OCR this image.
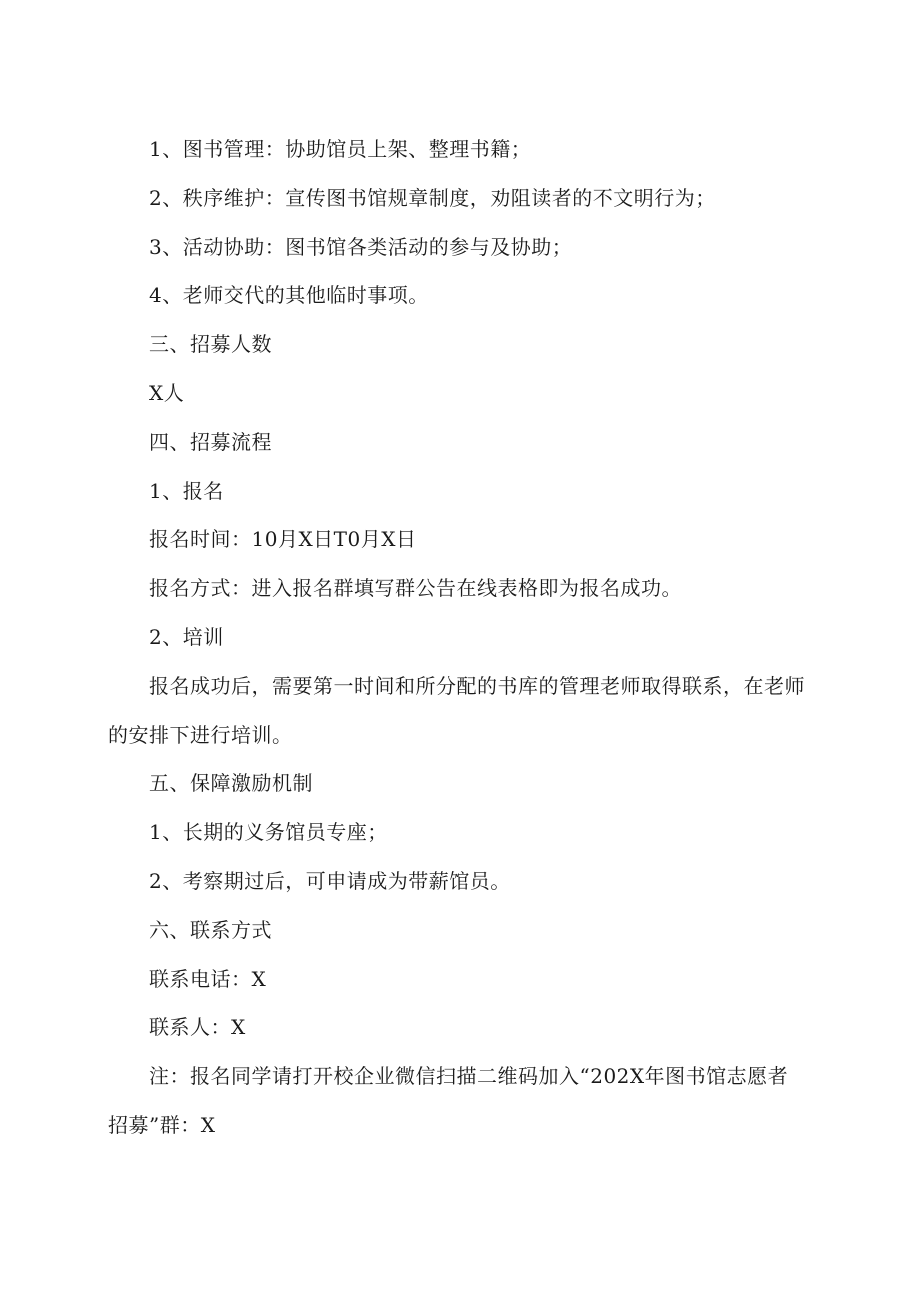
1、图书管理：协助馆员上架、整理书籍；

2、秩序维护：宣传图书馆规章制度，劝阻读者的不文明行为；

3、活动协助：图书馆各类活动的参与及协助；

4、老师交代的其他临时事项。

三、招募人数

X人

四、招募流程

1、报名

报名时间：10月X日T0月X日

报名方式：进入报名群填写群公告在线表格即为报名成功。

2、培训

报名成功后，需要第一时间和所分配的书库的管理老师取得联系，在老师的安排下进行培训。

五、保障激励机制

1、长期的义务馆员专座；

2、考察期过后，可申请成为带薪馆员。

六、联系方式

联系电话：X

联系人：X

注：报名同学请打开校企业微信扫描二维码加入“202X年图书馆志愿者招募”群：X
